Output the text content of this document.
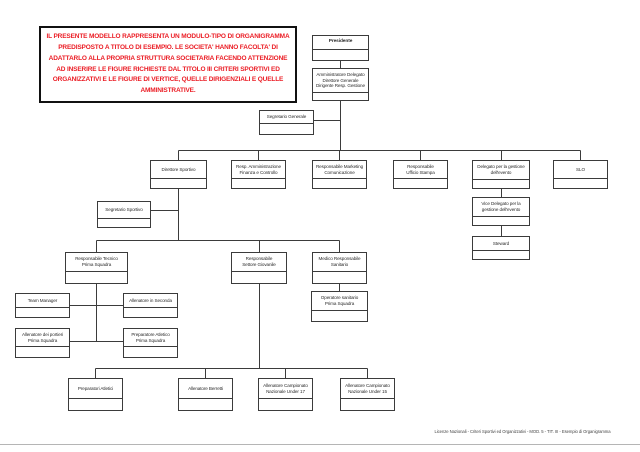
IL PRESENTE MODELLO RAPPRESENTA UN MODULO-TIPO DI ORGANIGRAMMA PREDISPOSTO A TITOLO DI ESEMPIO. LE SOCIETA' HANNO FACOLTA' DI ADATTARLO ALLA PROPRIA STRUTTURA SOCIETARIA FACENDO ATTENZIONE AD INSERIRE LE FIGURE RICHIESTE DAL TITOLO III CRITERI SPORTIVI ED ORGANIZZATIVI E LE FIGURE DI VERTICE, QUELLE DIRIGENZIALI E QUELLE AMMINISTRATIVE.
Presidente
Amministratore Delegato
Direttore Generale
Dirigente Resp. Gestione
Segretario Generale
Direttore Sportivo
Resp. Amministrazione
Finanza e Controllo
Responsabile Marketing
Comunicazione
Responsabile
Ufficio Stampa
Delegato per la gestione
dell'evento
SLO
Vice Delegato per la
gestione dell'evento
Steward
Segretario Sportivo
Responsabile Tecnico
Prima Squadra
Responsabile
Settore Giovanile
Medico Responsabile
Sanitario
Operatore sanitario
Prima Squadra
Team Manager	Allenatore in Seconda
Allenatore dei portieri
Prima Squadra
Preparatore Atletico
Prima Squadra
Preparatori Atletici	Allenatore Berretti
Allenatore Campionato
Nazionale Under 17
Allenatore Campionato
Nazionale Under 15
Licenze Nazionali - Criteri Sportivi ed Organizzativi - MOD. 5 - TIT. III - Esempio di Organigramma
